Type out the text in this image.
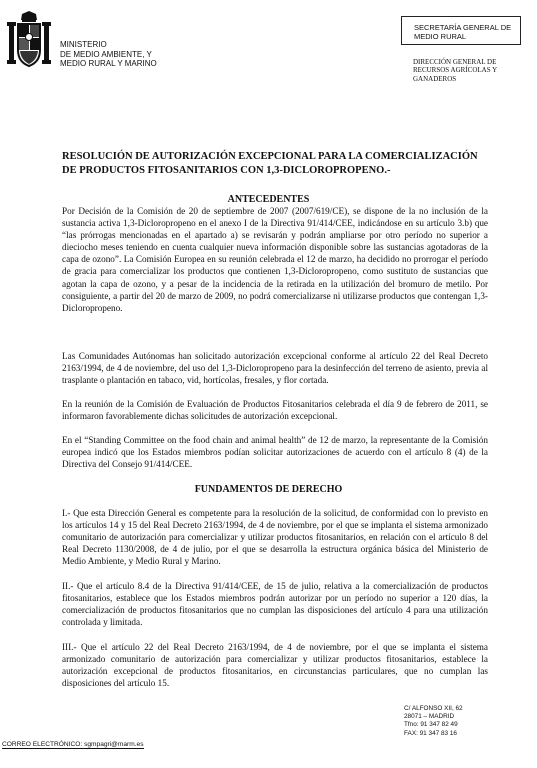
MINISTERIO
DE MEDIO AMBIENTE, Y
MEDIO RURAL Y MARINO
SECRETARÍA GENERAL DE
MEDIO RURAL
DIRECCIÓN GENERAL DE
RECURSOS AGRÍCOLAS Y
GANADEROS
RESOLUCIÓN DE AUTORIZACIÓN EXCEPCIONAL PARA LA COMERCIALIZACIÓN DE PRODUCTOS FITOSANITARIOS CON 1,3-DICLOROPROPENO.-
ANTECEDENTES

Por Decisión de la Comisión de 20 de septiembre de 2007 (2007/619/CE), se dispone de la no inclusión de la sustancia activa 1,3-Dicloropropeno en el anexo I de la Directiva 91/414/CEE, indicándose en su artículo 3.b) que “las prórrogas mencionadas en el apartado a) se revisarán y podrán ampliarse por otro período no superior a dieciocho meses teniendo en cuenta cualquier nueva información disponible sobre las sustancias agotadoras de la capa de ozono”. La Comisión Europea en su reunión celebrada el 12 de marzo, ha decidido no prorrogar el período de gracia para comercializar los productos que contienen 1,3-Dicloropropeno, como sustituto de sustancias que agotan la capa de ozono, y a pesar de la incidencia de la retirada en la utilización del bromuro de metilo. Por consiguiente, a partir del 20 de marzo de 2009, no podrá comercializarse ni utilizarse productos que contengan 1,3-Dicloropropeno.

Las Comunidades Autónomas han solicitado autorización excepcional conforme al artículo 22 del Real Decreto 2163/1994, de 4 de noviembre, del uso del 1,3-Dicloropropeno para la desinfección del terreno de asiento, previa al trasplante o plantación en tabaco, vid, hortícolas, fresales, y flor cortada.

En la reunión de la Comisión de Evaluación de Productos Fitosanitarios celebrada el día 9 de febrero de 2011, se informaron favorablemente dichas solicitudes de autorización excepcional.

En el “Standing Committee on the food chain and animal health” de 12 de marzo, la representante de la Comisión europea indicó que los Estados miembros podían solicitar autorizaciones de acuerdo con el artículo 8 (4) de la Directiva del Consejo 91/414/CEE.

FUNDAMENTOS DE DERECHO

I.- Que esta Dirección General es competente para la resolución de la solicitud, de conformidad con lo previsto en los artículos 14 y 15 del Real Decreto 2163/1994, de 4 de noviembre, por el que se implanta el sistema armonizado comunitario de autorización para comercializar y utilizar productos fitosanitarios, en relación con el artículo 8 del Real Decreto 1130/2008, de 4 de julio, por el que se desarrolla la estructura orgánica básica del Ministerio de Medio Ambiente, y Medio Rural y Marino.

II.- Que el artículo 8.4 de la Directiva 91/414/CEE, de 15 de julio, relativa a la comercialización de productos fitosanitarios, establece que los Estados miembros podrán autorizar por un período no superior a 120 días, la comercialización de productos fitosanitarios que no cumplan las disposiciones del artículo 4 para una utilización controlada y limitada.

III.- Que el artículo 22 del Real Decreto 2163/1994, de 4 de noviembre, por el que se implanta el sistema armonizado comunitario de autorización para comercializar y utilizar productos fitosanitarios, establece la autorización excepcional de productos fitosanitarios, en circunstancias particulares, que no cumplan las disposiciones del artículo 15.

CORREO ELECTRÓNICO: sgmpagri@marm.es
C/ ALFONSO XII, 62
28071 – MADRID
Tfno: 91 347 82 49
FAX: 91 347 83 16
